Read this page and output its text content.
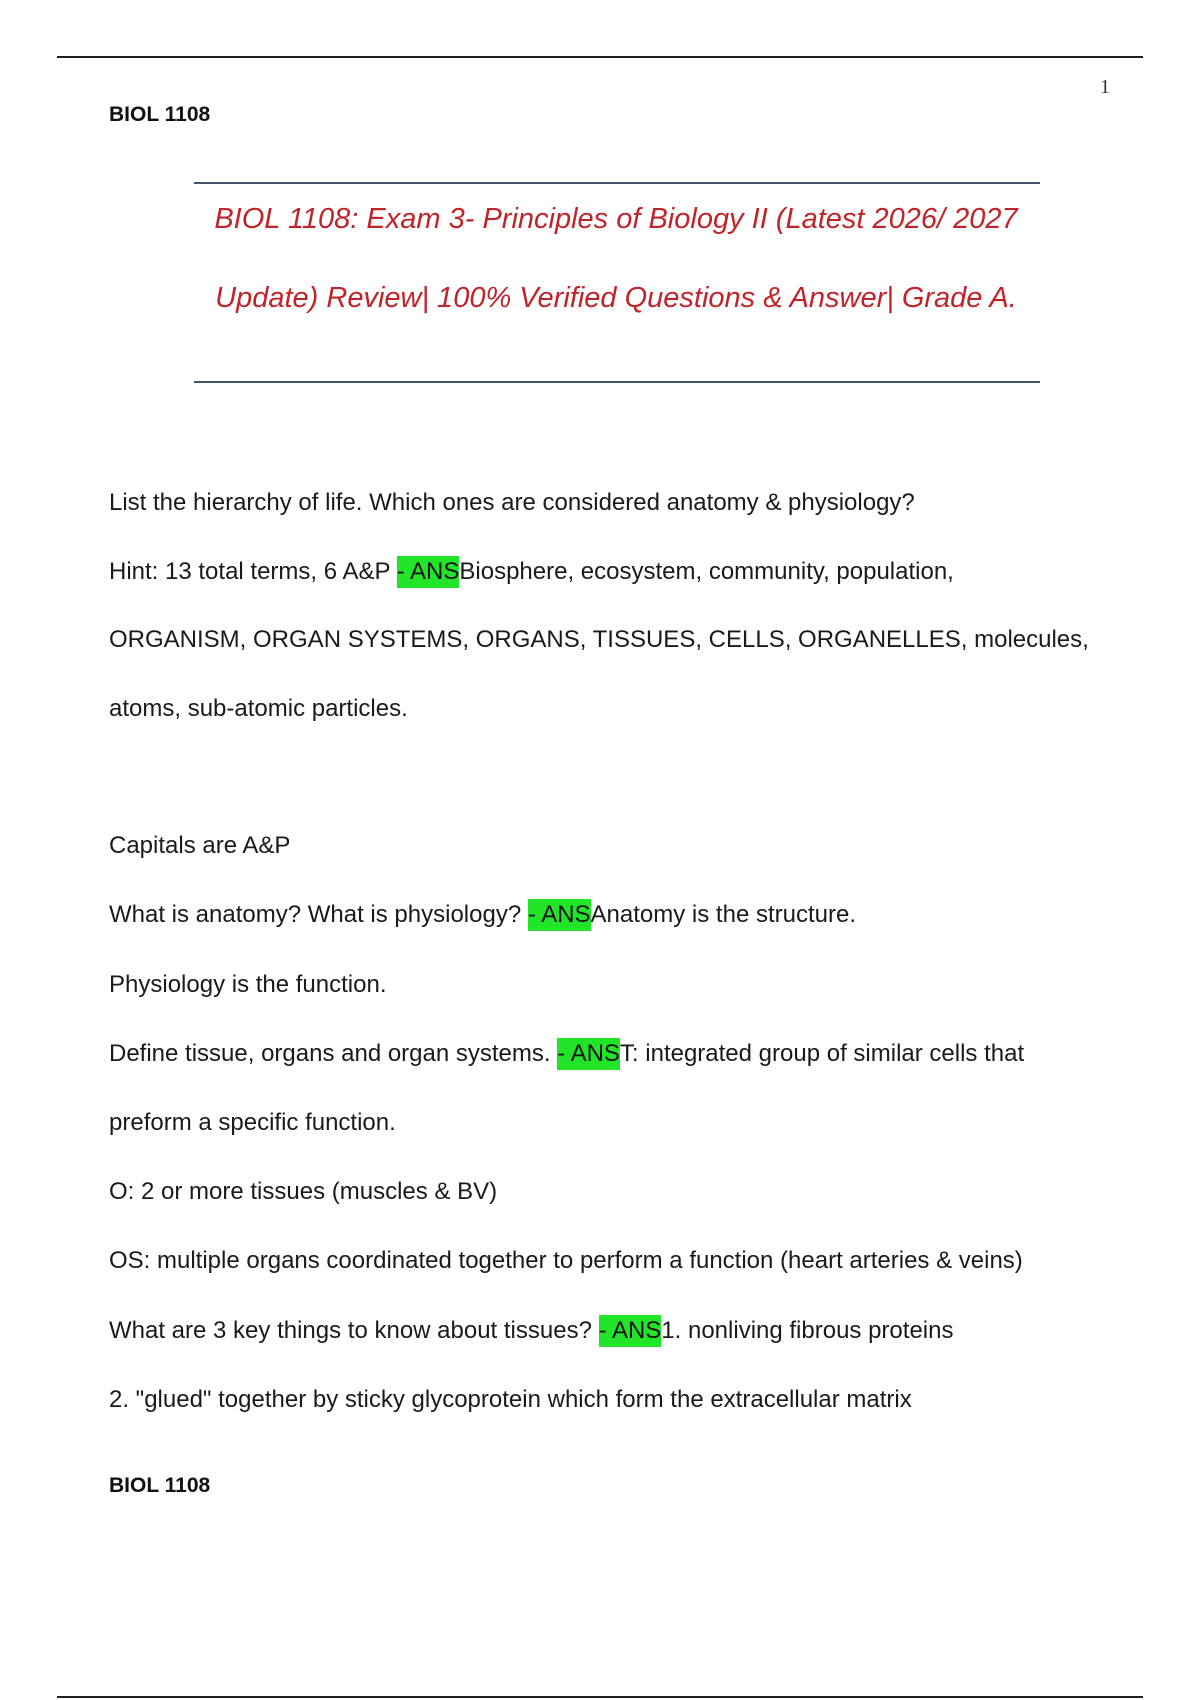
1
BIOL 1108
BIOL 1108: Exam 3- Principles of Biology II (Latest 2026/ 2027
Update) Review| 100% Verified Questions & Answer| Grade A.
List the hierarchy of life. Which ones are considered anatomy & physiology?
Hint: 13 total terms, 6 A&P - ANSBiosphere, ecosystem, community, population,
ORGANISM, ORGAN SYSTEMS, ORGANS, TISSUES, CELLS, ORGANELLES, molecules,
atoms, sub-atomic particles.
Capitals are A&P
What is anatomy? What is physiology? - ANSAnatomy is the structure.
Physiology is the function.
Define tissue, organs and organ systems. - ANST: integrated group of similar cells that
preform a specific function.
O: 2 or more tissues (muscles & BV)
OS: multiple organs coordinated together to perform a function (heart arteries & veins)
What are 3 key things to know about tissues? - ANS1. nonliving fibrous proteins
2. "glued" together by sticky glycoprotein which form the extracellular matrix
BIOL 1108
